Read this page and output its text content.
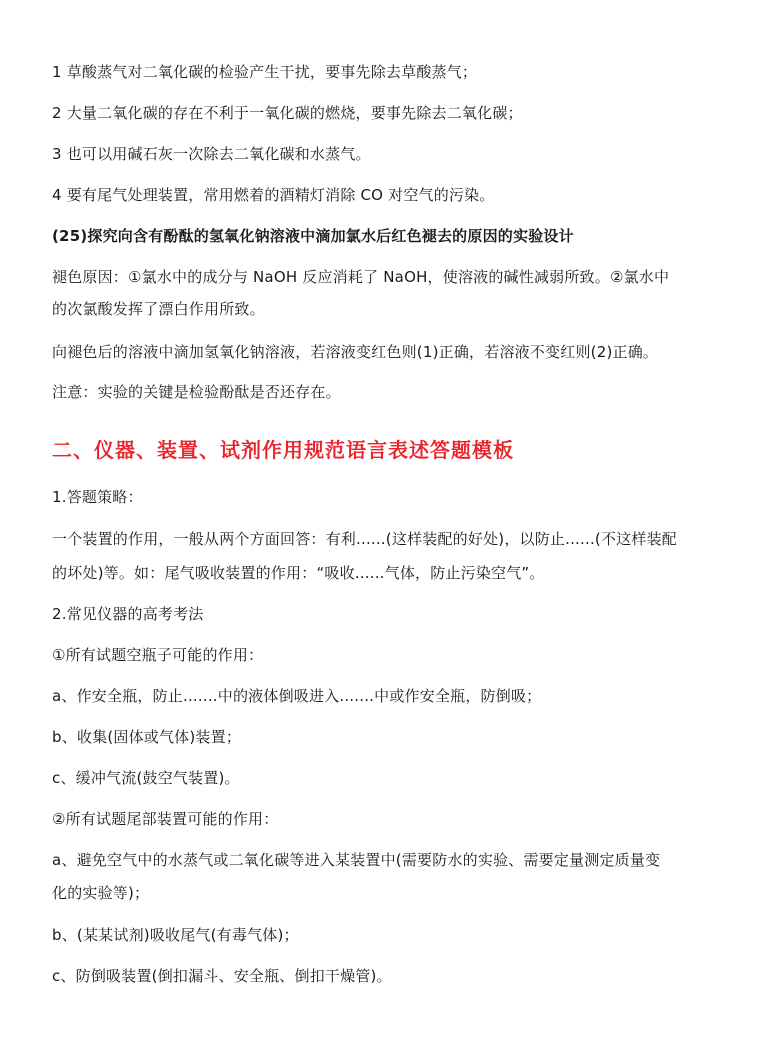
1 草酸蒸气对二氧化碳的检验产生干扰，要事先除去草酸蒸气；
2 大量二氧化碳的存在不利于一氧化碳的燃烧，要事先除去二氧化碳；
3 也可以用碱石灰一次除去二氧化碳和水蒸气。
4 要有尾气处理装置，常用燃着的酒精灯消除 CO 对空气的污染。
(25)探究向含有酚酞的氢氧化钠溶液中滴加氯水后红色褪去的原因的实验设计
褪色原因：①氯水中的成分与 NaOH 反应消耗了 NaOH，使溶液的碱性减弱所致。②氯水中
的次氯酸发挥了漂白作用所致。
向褪色后的溶液中滴加氢氧化钠溶液，若溶液变红色则(1)正确，若溶液不变红则(2)正确。
注意：实验的关键是检验酚酞是否还存在。
二、仪器、装置、试剂作用规范语言表述答题模板
1.答题策略：
一个装置的作用，一般从两个方面回答：有利......(这样装配的好处)，以防止......(不这样装配
的坏处)等。如：尾气吸收装置的作用：“吸收......气体，防止污染空气”。
2.常见仪器的高考考法
①所有试题空瓶子可能的作用：
a、作安全瓶，防止.......中的液体倒吸进入.......中或作安全瓶，防倒吸；
b、收集(固体或气体)装置；
c、缓冲气流(鼓空气装置)。
②所有试题尾部装置可能的作用：
a、避免空气中的水蒸气或二氧化碳等进入某装置中(需要防水的实验、需要定量测定质量变
化的实验等)；
b、(某某试剂)吸收尾气(有毒气体)；
c、防倒吸装置(倒扣漏斗、安全瓶、倒扣干燥管)。
